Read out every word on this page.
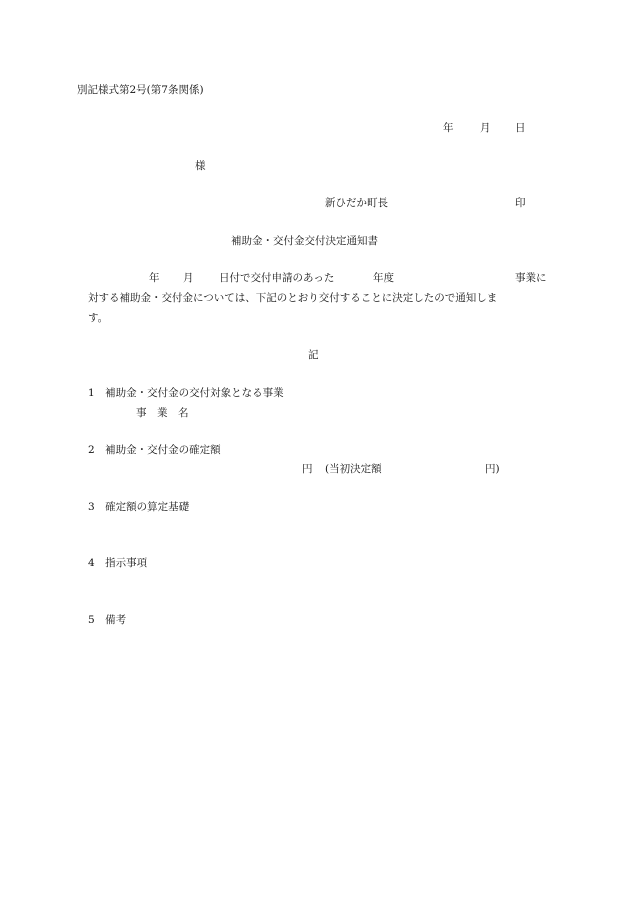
別記様式第2号(第7条関係)
年	月 日
様
新ひだか町長	印
補助金・交付金交付決定通知書
年 月 日付で交付申請のあった	年度	事業に
対する補助金・交付金については、下記のとおり交付することに決定したので通知しま
す。
記
1　補助金・交付金の交付対象となる事業
事　業　名
2　補助金・交付金の確定額
円 (当初決定額	円)
3　確定額の算定基礎
4　指示事項
5　備考
